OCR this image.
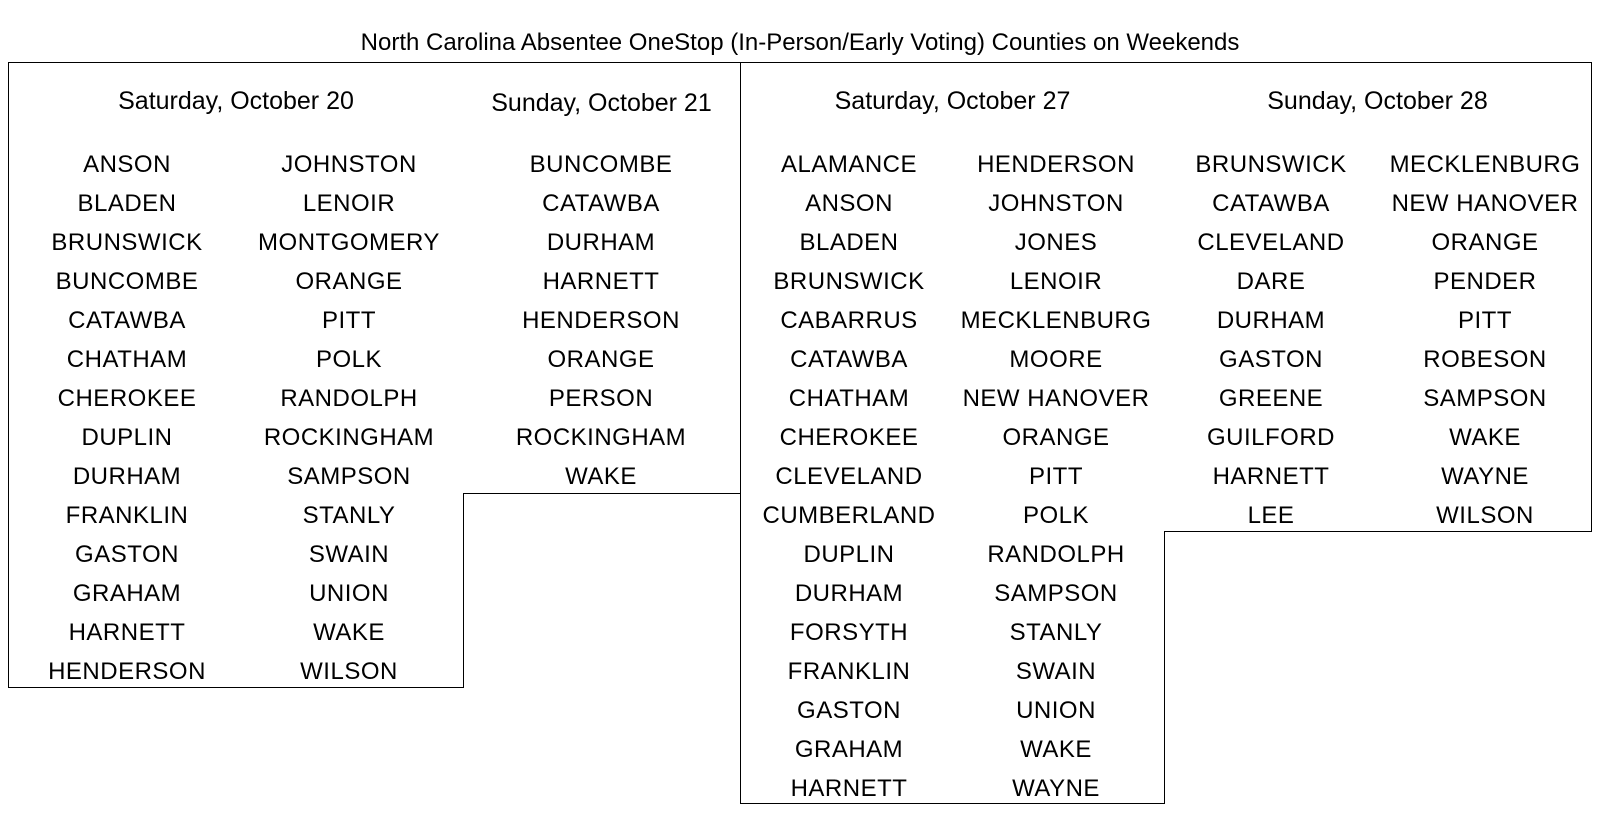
North Carolina Absentee OneStop (In-Person/Early Voting) Counties on Weekends
Saturday, October 20
ANSON
BLADEN
BRUNSWICK
BUNCOMBE
CATAWBA
CHATHAM
CHEROKEE
DUPLIN
DURHAM
FRANKLIN
GASTON
GRAHAM
HARNETT
HENDERSON
JOHNSTON
LENOIR
MONTGOMERY
ORANGE
PITT
POLK
RANDOLPH
ROCKINGHAM
SAMPSON
STANLY
SWAIN
UNION
WAKE
WILSON
Sunday, October 21
BUNCOMBE
CATAWBA
DURHAM
HARNETT
HENDERSON
ORANGE
PERSON
ROCKINGHAM
WAKE
Saturday, October 27
ALAMANCE
ANSON
BLADEN
BRUNSWICK
CABARRUS
CATAWBA
CHATHAM
CHEROKEE
CLEVELAND
CUMBERLAND
DUPLIN
DURHAM
FORSYTH
FRANKLIN
GASTON
GRAHAM
HARNETT
HENDERSON
JOHNSTON
JONES
LENOIR
MECKLENBURG
MOORE
NEW HANOVER
ORANGE
PITT
POLK
RANDOLPH
SAMPSON
STANLY
SWAIN
UNION
WAKE
WAYNE
Sunday, October 28
BRUNSWICK
CATAWBA
CLEVELAND
DARE
DURHAM
GASTON
GREENE
GUILFORD
HARNETT
LEE
MECKLENBURG
NEW HANOVER
ORANGE
PENDER
PITT
ROBESON
SAMPSON
WAKE
WAYNE
WILSON
